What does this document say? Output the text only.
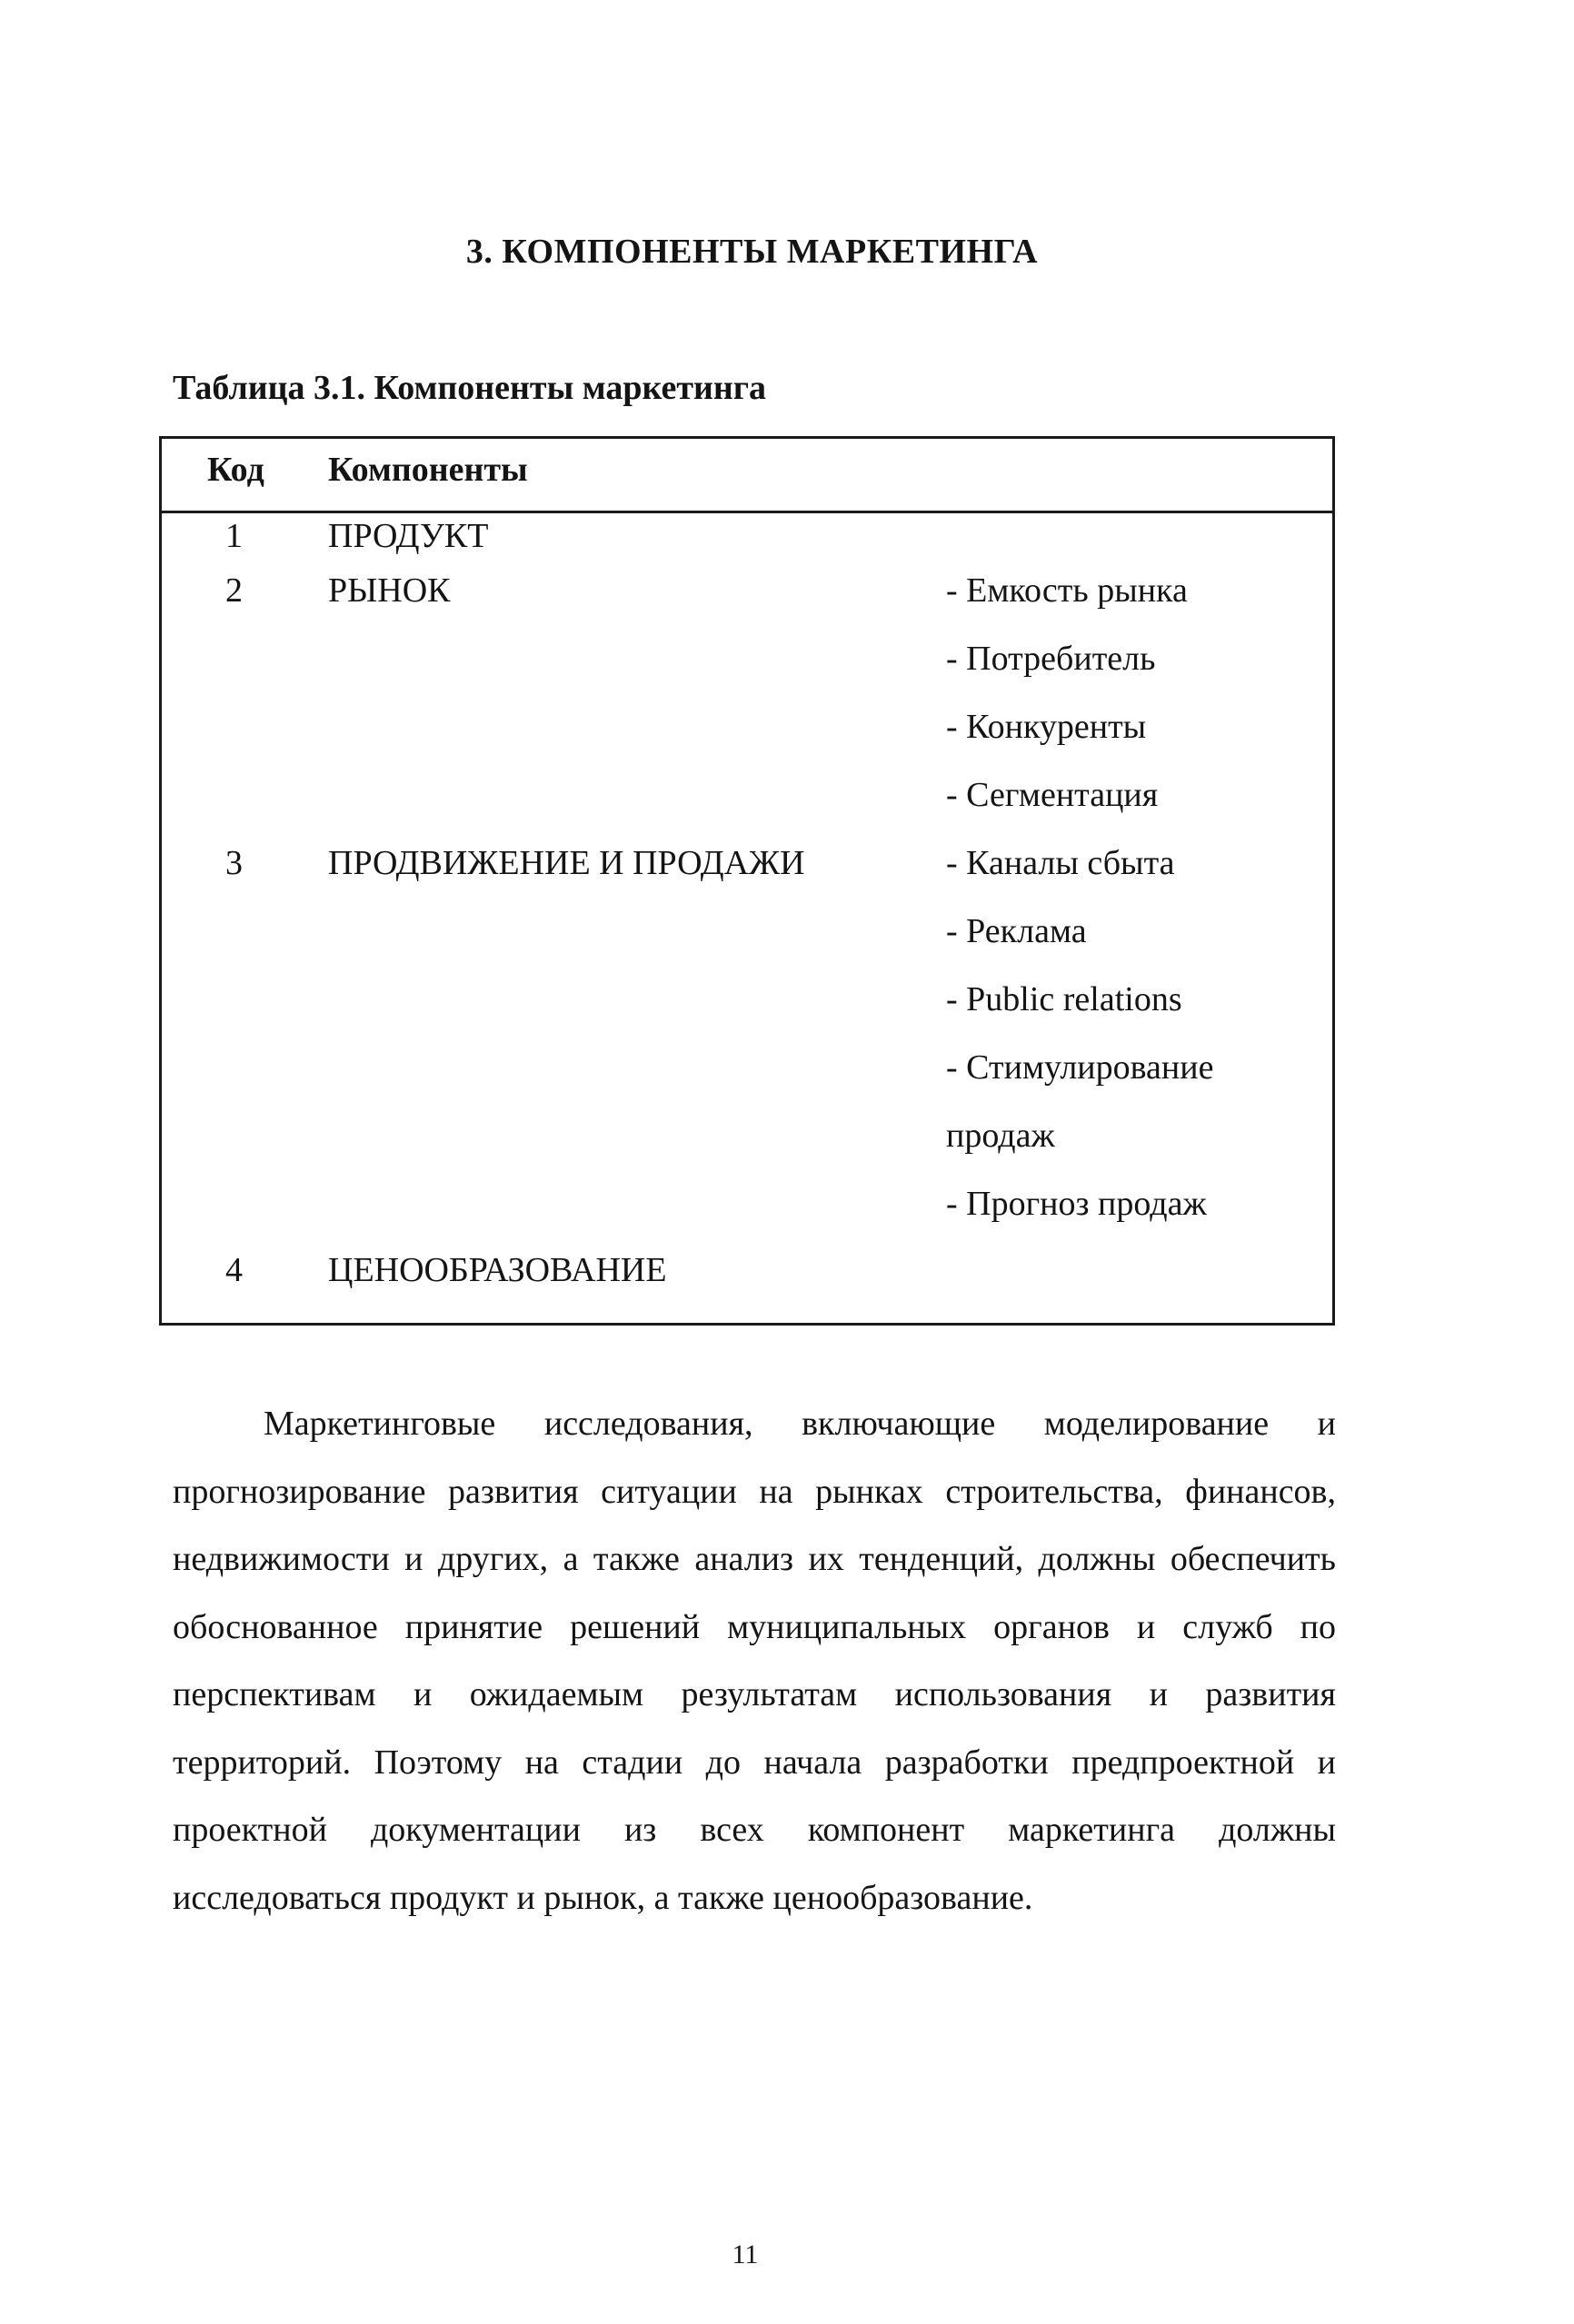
3. КОМПОНЕНТЫ МАРКЕТИНГА
Таблица 3.1. Компоненты маркетинга
Код Компоненты
1	ПРОДУКТ
2	РЫНОК	- Емкость рынка
- Потребитель
- Конкуренты
- Сегментация
3	ПРОДВИЖЕНИЕ И ПРОДАЖИ	- Каналы сбыта
- Реклама
- Public relations
- Стимулирование
продаж
- Прогноз продаж
4	ЦЕНООБРАЗОВАНИЕ

Маркетинговые исследования, включающие моделирование и прогнозирование развития ситуации на рынках строительства, финансов, недвижимости и других, а также анализ их тенденций, должны обеспечить обоснованное принятие решений муниципальных органов и служб по перспективам и ожидаемым результатам использования и развития территорий. Поэтому на стадии до начала разработки предпроектной и проектной документации из всех компонент маркетинга должны исследоваться продукт и рынок, а также ценообразование.

11
